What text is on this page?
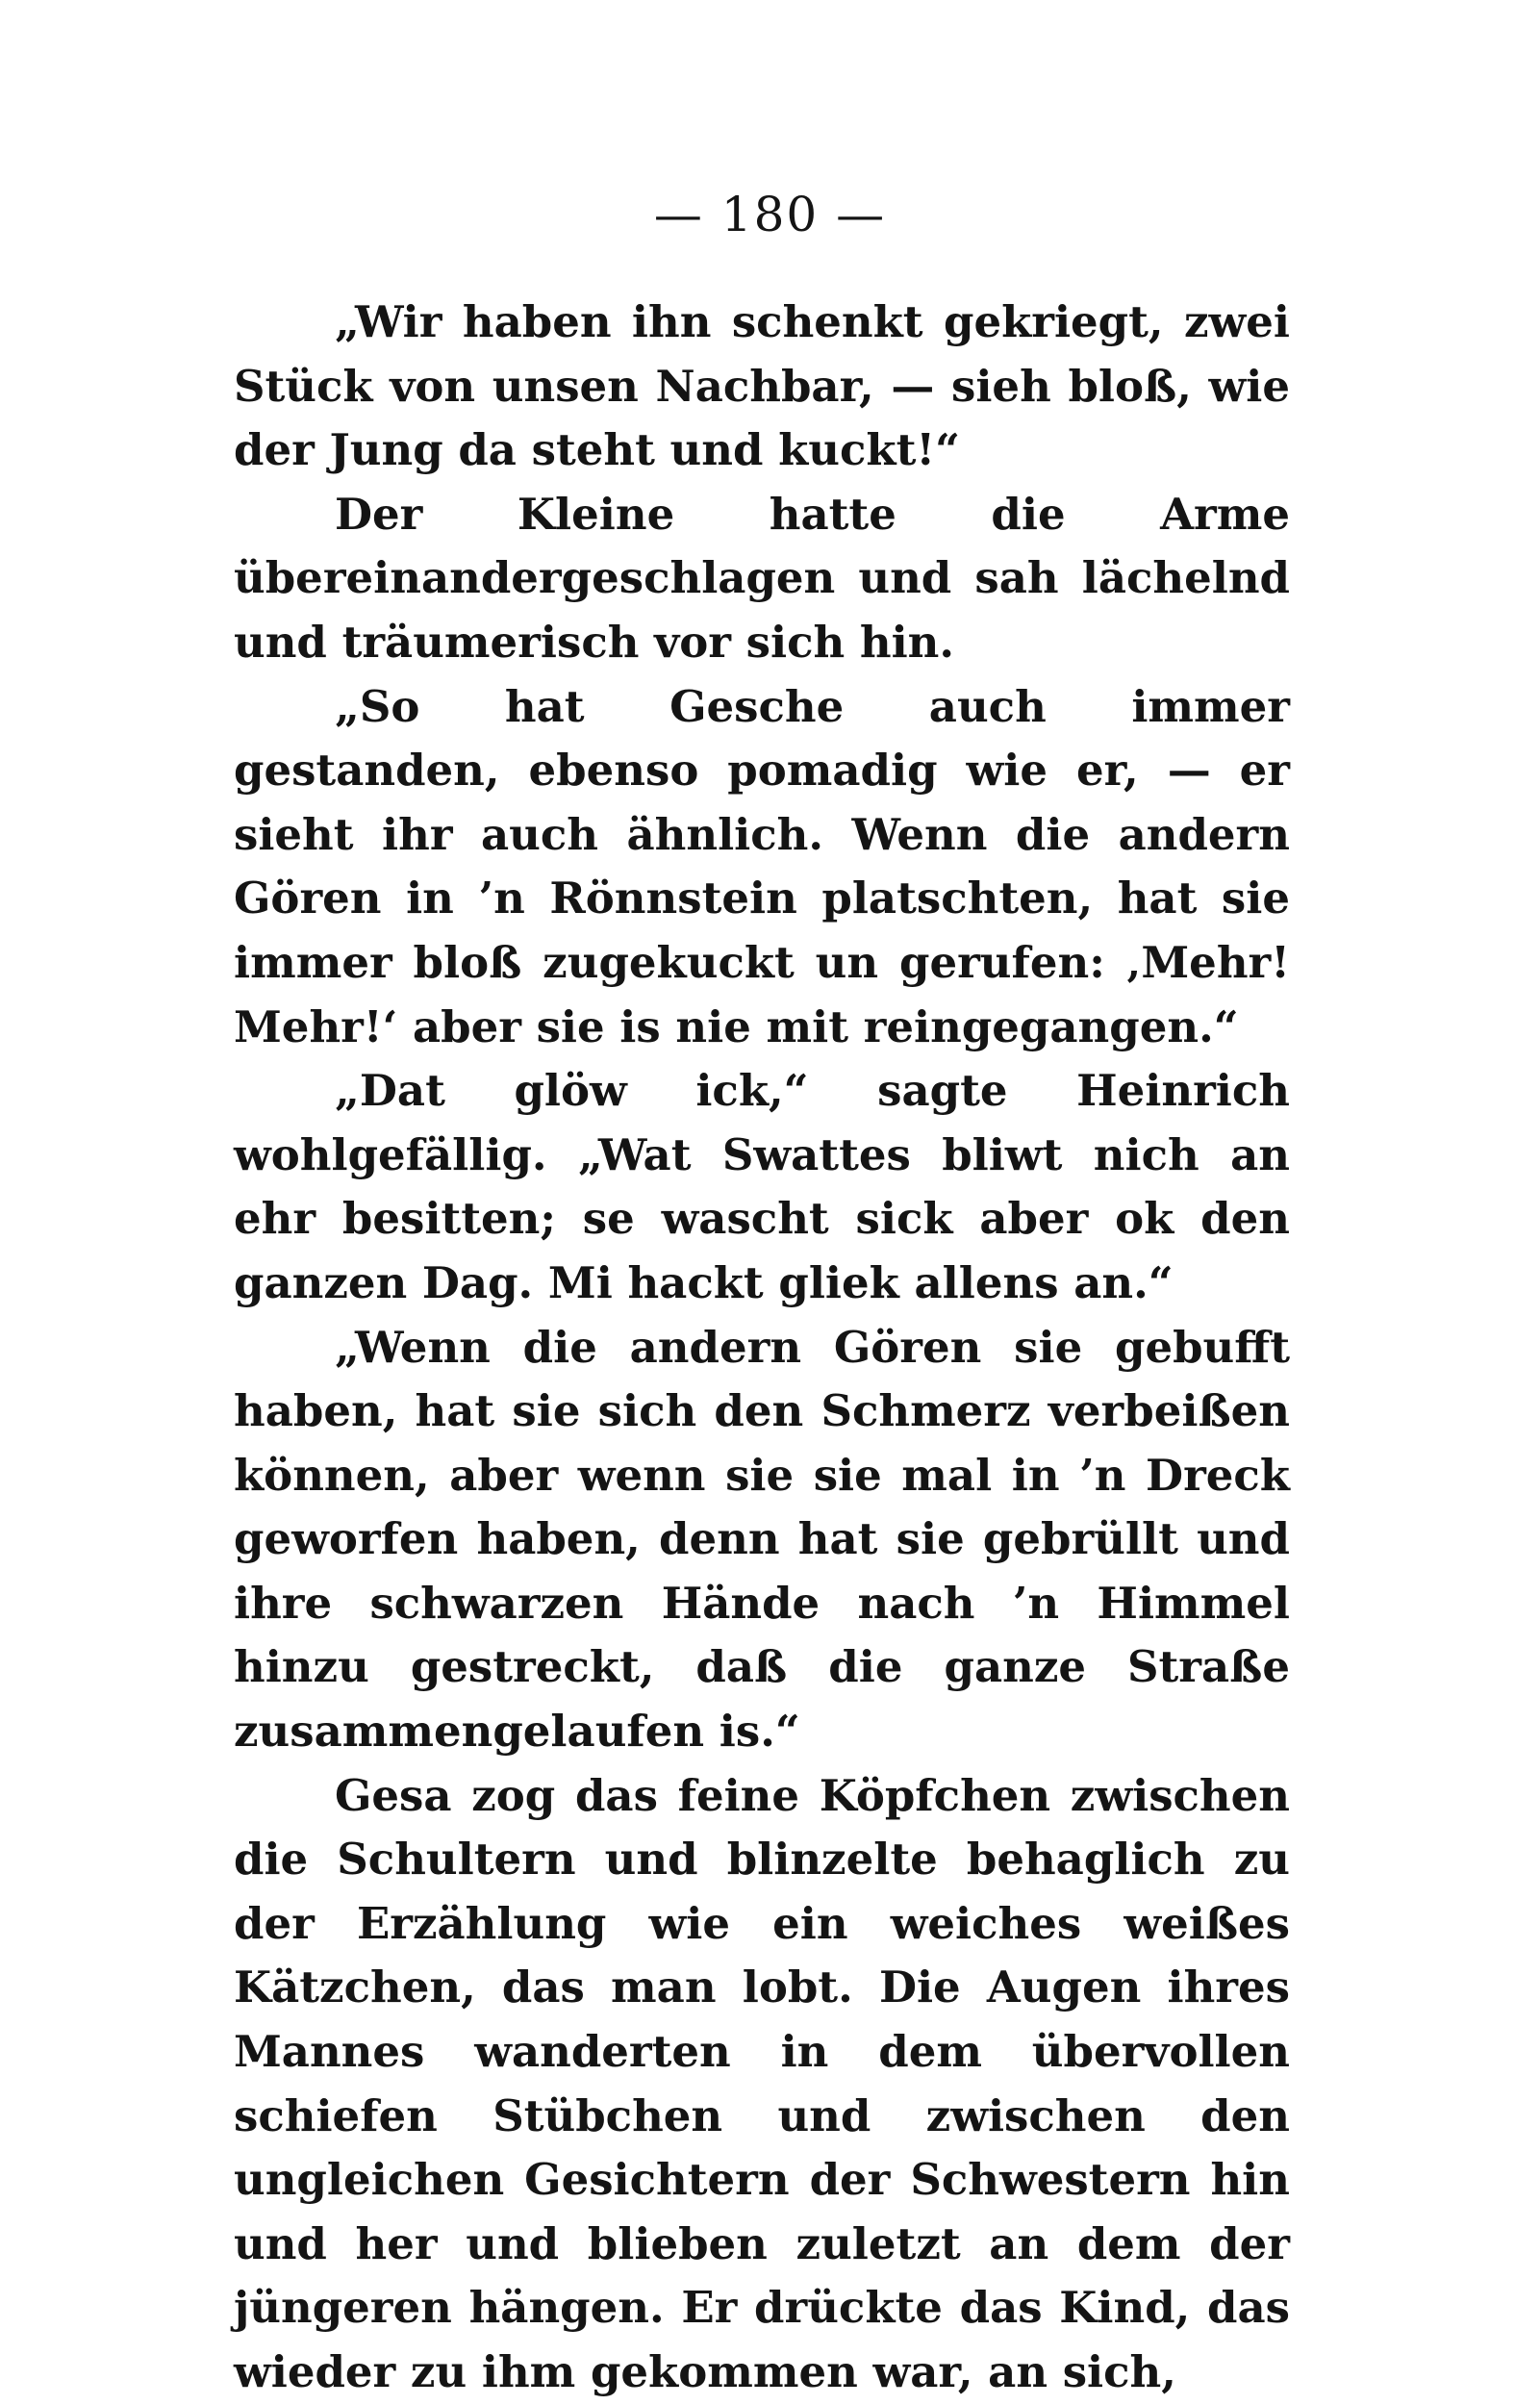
— 180 —

„Wir haben ihn schenkt gekriegt, zwei Stück von unsen Nachbar, — sieh bloß, wie der Jung da steht und kuckt!“

Der Kleine hatte die Arme übereinandergeschlagen und sah lächelnd und träumerisch vor sich hin.

„So hat Gesche auch immer gestanden, ebenso pomadig wie er, — er sieht ihr auch ähnlich. Wenn die andern Gören in ’n Rönnstein platschten, hat sie immer bloß zugekuckt un gerufen: ‚Mehr! Mehr!‘ aber sie is nie mit reingegangen.“

„Dat glöw ick,“ sagte Heinrich wohlgefällig. „Wat Swattes bliwt nich an ehr besitten; se wascht sick aber ok den ganzen Dag. Mi hackt gliek allens an.“

„Wenn die andern Gören sie gebufft haben, hat sie sich den Schmerz verbeißen können, aber wenn sie sie mal in ’n Dreck geworfen haben, denn hat sie gebrüllt und ihre schwarzen Hände nach ’n Himmel hinzu gestreckt, daß die ganze Straße zusammengelaufen is.“

Gesa zog das feine Köpfchen zwischen die Schultern und blinzelte behaglich zu der Erzählung wie ein weiches weißes Kätzchen, das man lobt. Die Augen ihres Mannes wanderten in dem übervollen schiefen Stübchen und zwischen den ungleichen Gesichtern der Schwestern hin und her und blieben zuletzt an dem der jüngeren hängen. Er drückte das Kind, das wieder zu ihm gekommen war, an sich,
